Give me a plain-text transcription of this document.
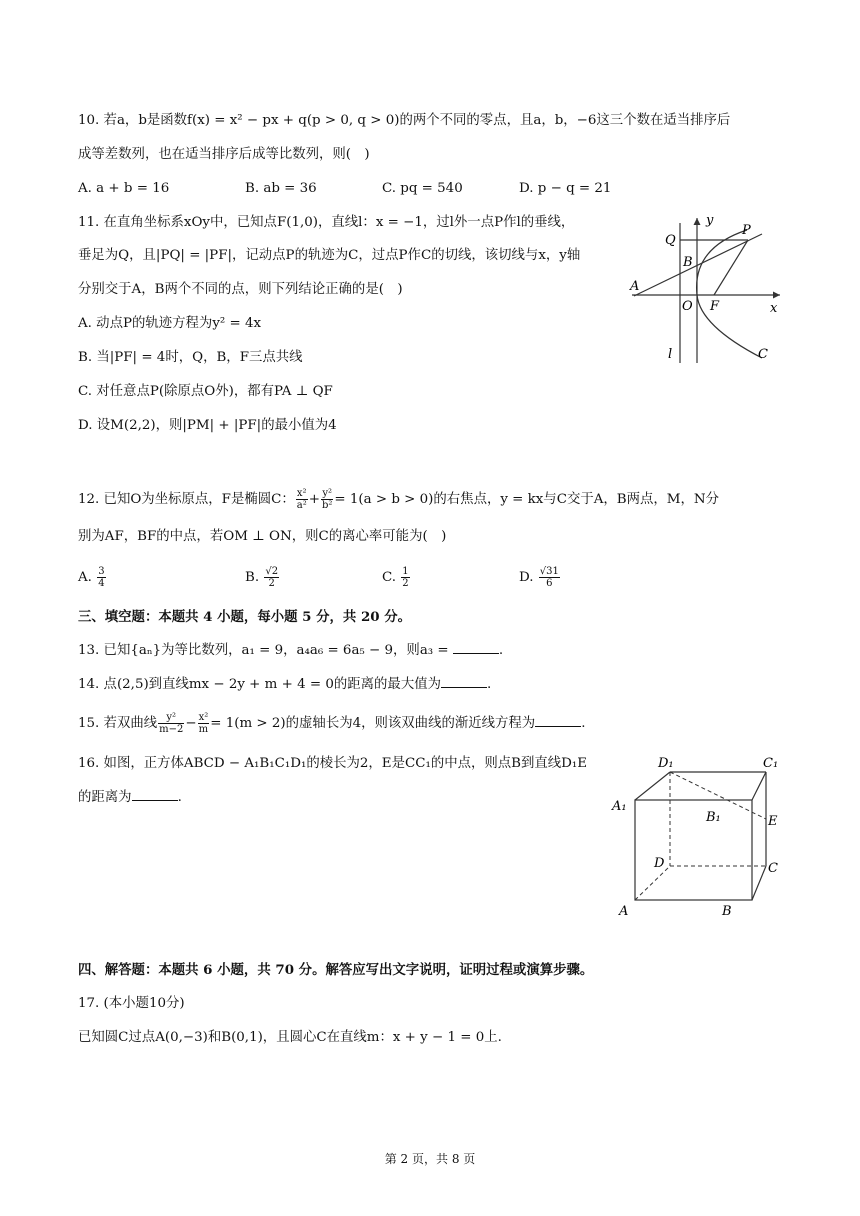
10. 若a，b是函数f(x) = x² − px + q(p > 0, q > 0)的两个不同的零点，且a，b，−6这三个数在适当排序后
成等差数列，也在适当排序后成等比数列，则(　)
A. a + b = 16	B. ab = 36	C. pq = 540	D. p − q = 21
11. 在直角坐标系xOy中，已知点F(1,0)，直线l：x = −1，过l外一点P作l的垂线，
垂足为Q，且|PQ| = |PF|，记动点P的轨迹为C，过点P作C的切线，该切线与x，y轴
分别交于A，B两个不同的点，则下列结论正确的是(　)
A. 动点P的轨迹方程为y² = 4x
B. 当|PF| = 4时，Q，B，F三点共线
C. 对任意点P(除原点O外)，都有PA ⊥ QF
D. 设M(2,2)，则|PM| + |PF|的最小值为4
y
P
Q
B
A
O F	x
l	C
12. 已知O为坐标原点，F是椭圆C： $\frac{\text{x²}}{\text{a²}} + \frac{\text{y²}}{\text{b²}} = 1(a > b > 0)$的右焦点，y = kx与C交于A，B两点，M，N分
别为AF，BF的中点，若OM ⊥ ON，则C的离心率可能为(　)
A. $\frac{3}{4}$	B. $\frac{√2}{2}$	C. $\frac{1}{2}$	D. $\frac{√31}{6}$
三、填空题：本题共 4 小题，每小题 5 分，共 20 分。
13. 已知{aₙ}为等比数列，a₁ = 9，a₄a₆ = 6a₅ − 9，则a₃ =	.
14. 点(2,5)到直线mx − 2y + m + 4 = 0的距离的最大值为	.
15. 若双曲线 $\frac{\text{y²}}{m-2} - \frac{\text{x²}}{m} = 1(m > 2)$的虚轴长为4，则该双曲线的渐近线方程为	.
16. 如图，正方体ABCD − A₁B₁C₁D₁的棱长为2，E是CC₁的中点，则点B到直线D₁E
的距离为	.
D₁	C₁
A₁
B₁	E
D	C
A	B
四、解答题：本题共 6 小题，共 70 分。解答应写出文字说明，证明过程或演算步骤。
17. (本小题10分)
已知圆C过点A(0,−3)和B(0,1)，且圆心C在直线m：x + y − 1 = 0上.
第 2 页，共 8 页
